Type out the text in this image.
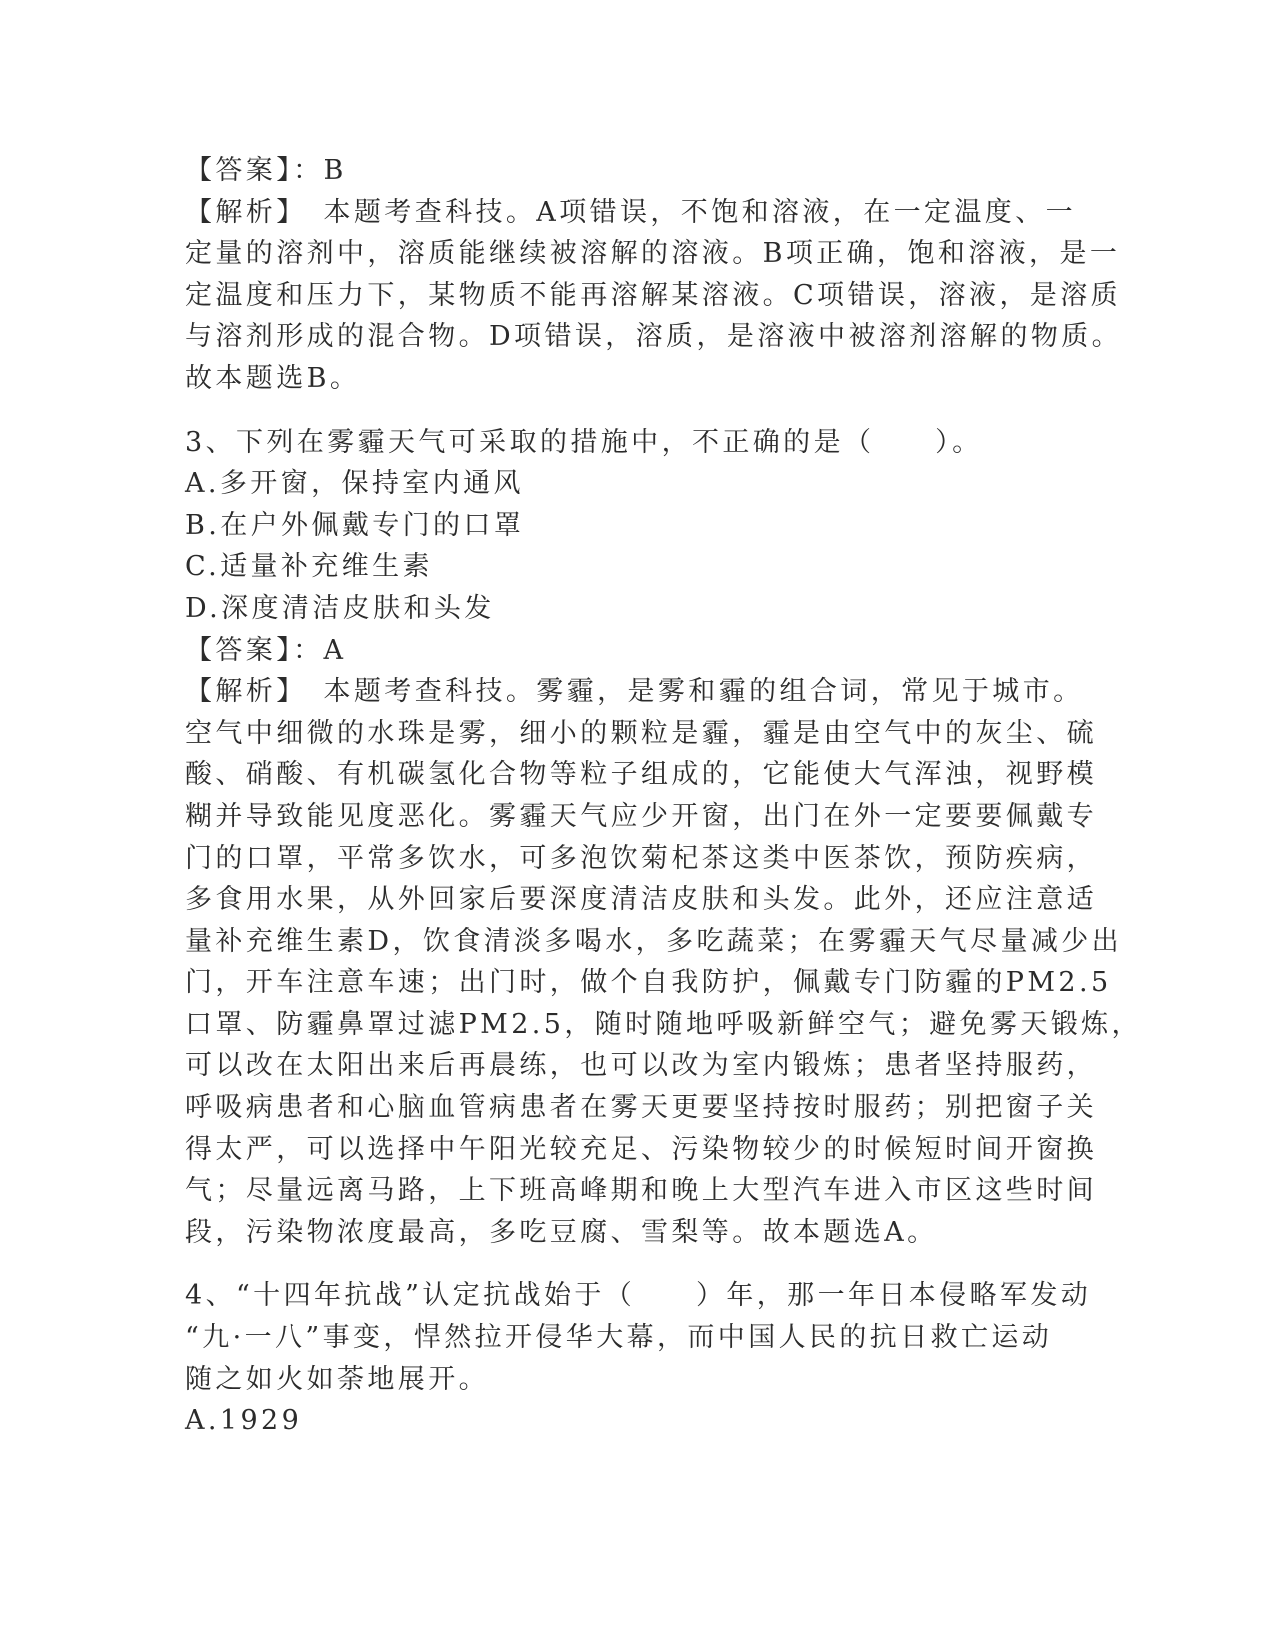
【答案】：B
【解析】　本题考查科技。A项错误，不饱和溶液，在一定温度、一
定量的溶剂中，溶质能继续被溶解的溶液。B项正确，饱和溶液，是一
定温度和压力下，某物质不能再溶解某溶液。C项错误，溶液，是溶质
与溶剂形成的混合物。D项错误，溶质，是溶液中被溶剂溶解的物质。
故本题选B。
3、下列在雾霾天气可采取的措施中，不正确的是（　　）。
A.多开窗，保持室内通风
B.在户外佩戴专门的口罩
C.适量补充维生素
D.深度清洁皮肤和头发
【答案】：A
【解析】　本题考查科技。雾霾，是雾和霾的组合词，常见于城市。
空气中细微的水珠是雾，细小的颗粒是霾，霾是由空气中的灰尘、硫
酸、硝酸、有机碳氢化合物等粒子组成的，它能使大气浑浊，视野模
糊并导致能见度恶化。雾霾天气应少开窗，出门在外一定要要佩戴专
门的口罩，平常多饮水，可多泡饮菊杞茶这类中医茶饮，预防疾病，
多食用水果，从外回家后要深度清洁皮肤和头发。此外，还应注意适
量补充维生素D，饮食清淡多喝水，多吃蔬菜；在雾霾天气尽量减少出
门，开车注意车速；出门时，做个自我防护，佩戴专门防霾的PM2.5
口罩、防霾鼻罩过滤PM2.5，随时随地呼吸新鲜空气；避免雾天锻炼，
可以改在太阳出来后再晨练，也可以改为室内锻炼；患者坚持服药，
呼吸病患者和心脑血管病患者在雾天更要坚持按时服药；别把窗子关
得太严，可以选择中午阳光较充足、污染物较少的时候短时间开窗换
气；尽量远离马路，上下班高峰期和晚上大型汽车进入市区这些时间
段，污染物浓度最高，多吃豆腐、雪梨等。故本题选A。
4、“十四年抗战”认定抗战始于（　　）年，那一年日本侵略军发动
“九·一八”事变，悍然拉开侵华大幕，而中国人民的抗日救亡运动
随之如火如荼地展开。
A.1929
